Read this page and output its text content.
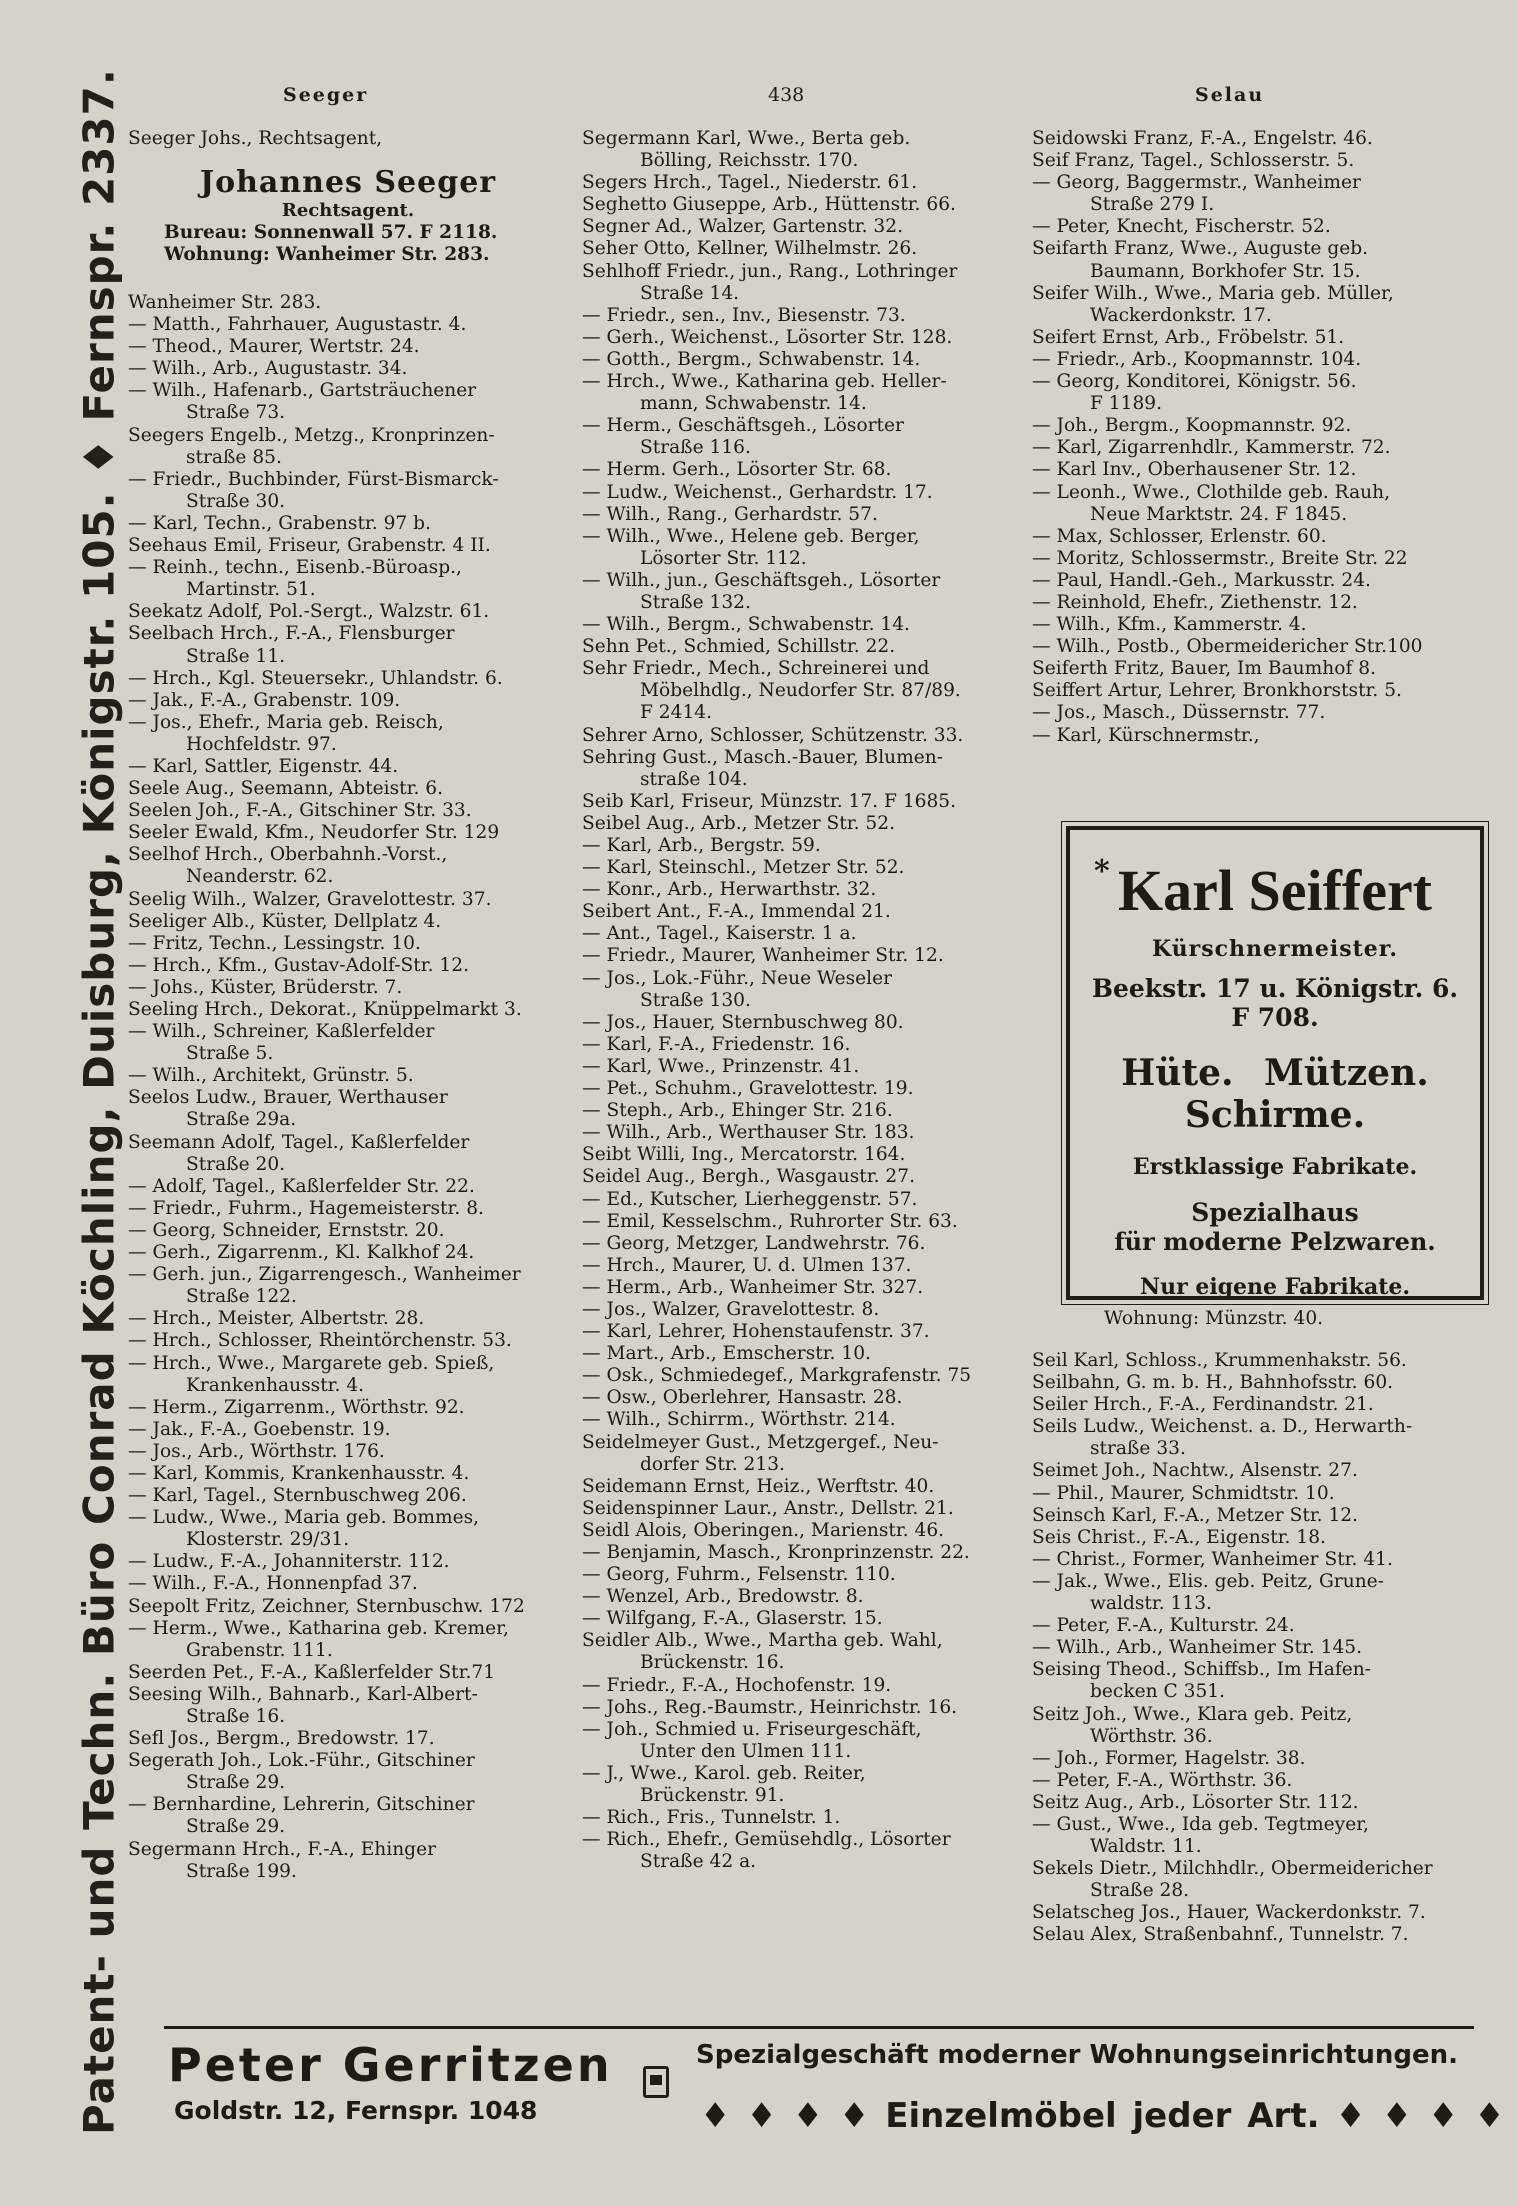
Patent- und Techn. Büro Conrad Köchling, Duisburg, Königstr. 105. ♦ Fernspr. 2337.	Seeger	438	Selau

Seeger Johs., Rechtsagent,

Johannes Seeger
Rechtsagent.
Bureau: Sonnenwall 57. F 2118.
Wohnung: Wanheimer Str. 283.

Wanheimer Str. 283.

— Matth., Fahrhauer, Augustastr. 4.

— Theod., Maurer, Wertstr. 24.

— Wilh., Arb., Augustastr. 34.

— Wilh., Hafenarb., Gartsträuchener

Straße 73.

Seegers Engelb., Metzg., Kronprinzen-

straße 85.

— Friedr., Buchbinder, Fürst-Bismarck-

Straße 30.

— Karl, Techn., Grabenstr. 97 b.

Seehaus Emil, Friseur, Grabenstr. 4 II.

— Reinh., techn., Eisenb.-Büroasp.,

Martinstr. 51.

Seekatz Adolf, Pol.-Sergt., Walzstr. 61.

Seelbach Hrch., F.-A., Flensburger

Straße 11.

— Hrch., Kgl. Steuersekr., Uhlandstr. 6.

— Jak., F.-A., Grabenstr. 109.

— Jos., Ehefr., Maria geb. Reisch,

Hochfeldstr. 97.

— Karl, Sattler, Eigenstr. 44.

Seele Aug., Seemann, Abteistr. 6.

Seelen Joh., F.-A., Gitschiner Str. 33.

Seeler Ewald, Kfm., Neudorfer Str. 129

Seelhof Hrch., Oberbahnh.-Vorst.,

Neanderstr. 62.

Seelig Wilh., Walzer, Gravelottestr. 37.

Seeliger Alb., Küster, Dellplatz 4.

— Fritz, Techn., Lessingstr. 10.

— Hrch., Kfm., Gustav-Adolf-Str. 12.

— Johs., Küster, Brüderstr. 7.

Seeling Hrch., Dekorat., Knüppelmarkt 3.

— Wilh., Schreiner, Kaßlerfelder

Straße 5.

— Wilh., Architekt, Grünstr. 5.

Seelos Ludw., Brauer, Werthauser

Straße 29a.

Seemann Adolf, Tagel., Kaßlerfelder

Straße 20.

— Adolf, Tagel., Kaßlerfelder Str. 22.

— Friedr., Fuhrm., Hagemeisterstr. 8.

— Georg, Schneider, Ernststr. 20.

— Gerh., Zigarrenm., Kl. Kalkhof 24.

— Gerh. jun., Zigarrengesch., Wanheimer

Straße 122.

— Hrch., Meister, Albertstr. 28.

— Hrch., Schlosser, Rheintörchenstr. 53.

— Hrch., Wwe., Margarete geb. Spieß,

Krankenhausstr. 4.

— Herm., Zigarrenm., Wörthstr. 92.

— Jak., F.-A., Goebenstr. 19.

— Jos., Arb., Wörthstr. 176.

— Karl, Kommis, Krankenhausstr. 4.

— Karl, Tagel., Sternbuschweg 206.

— Ludw., Wwe., Maria geb. Bommes,

Klosterstr. 29/31.

— Ludw., F.-A., Johanniterstr. 112.

— Wilh., F.-A., Honnenpfad 37.

Seepolt Fritz, Zeichner, Sternbuschw. 172

— Herm., Wwe., Katharina geb. Kremer,

Grabenstr. 111.

Seerden Pet., F.-A., Kaßlerfelder Str.71

Seesing Wilh., Bahnarb., Karl-Albert-

Straße 16.

Sefl Jos., Bergm., Bredowstr. 17.

Segerath Joh., Lok.-Führ., Gitschiner

Straße 29.

— Bernhardine, Lehrerin, Gitschiner

Straße 29.

Segermann Hrch., F.-A., Ehinger

Straße 199.

Segermann Karl, Wwe., Berta geb.

Bölling, Reichsstr. 170.

Segers Hrch., Tagel., Niederstr. 61.

Seghetto Giuseppe, Arb., Hüttenstr. 66.

Segner Ad., Walzer, Gartenstr. 32.

Seher Otto, Kellner, Wilhelmstr. 26.

Sehlhoff Friedr., jun., Rang., Lothringer

Straße 14.

— Friedr., sen., Inv., Biesenstr. 73.

— Gerh., Weichenst., Lösorter Str. 128.

— Gotth., Bergm., Schwabenstr. 14.

— Hrch., Wwe., Katharina geb. Heller-

mann, Schwabenstr. 14.

— Herm., Geschäftsgeh., Lösorter

Straße 116.

— Herm. Gerh., Lösorter Str. 68.

— Ludw., Weichenst., Gerhardstr. 17.

— Wilh., Rang., Gerhardstr. 57.

— Wilh., Wwe., Helene geb. Berger,

Lösorter Str. 112.

— Wilh., jun., Geschäftsgeh., Lösorter

Straße 132.

— Wilh., Bergm., Schwabenstr. 14.

Sehn Pet., Schmied, Schillstr. 22.

Sehr Friedr., Mech., Schreinerei und

Möbelhdlg., Neudorfer Str. 87/89.

F 2414.

Sehrer Arno, Schlosser, Schützenstr. 33.

Sehring Gust., Masch.-Bauer, Blumen-

straße 104.

Seib Karl, Friseur, Münzstr. 17. F 1685.

Seibel Aug., Arb., Metzer Str. 52.

— Karl, Arb., Bergstr. 59.

— Karl, Steinschl., Metzer Str. 52.

— Konr., Arb., Herwarthstr. 32.

Seibert Ant., F.-A., Immendal 21.

— Ant., Tagel., Kaiserstr. 1 a.

— Friedr., Maurer, Wanheimer Str. 12.

— Jos., Lok.-Führ., Neue Weseler

Straße 130.

— Jos., Hauer, Sternbuschweg 80.

— Karl, F.-A., Friedenstr. 16.

— Karl, Wwe., Prinzenstr. 41.

— Pet., Schuhm., Gravelottestr. 19.

— Steph., Arb., Ehinger Str. 216.

— Wilh., Arb., Werthauser Str. 183.

Seibt Willi, Ing., Mercatorstr. 164.

Seidel Aug., Bergh., Wasgaustr. 27.

— Ed., Kutscher, Lierheggenstr. 57.

— Emil, Kesselschm., Ruhrorter Str. 63.

— Georg, Metzger, Landwehrstr. 76.

— Hrch., Maurer, U. d. Ulmen 137.

— Herm., Arb., Wanheimer Str. 327.

— Jos., Walzer, Gravelottestr. 8.

— Karl, Lehrer, Hohenstaufenstr. 37.

— Mart., Arb., Emscherstr. 10.

— Osk., Schmiedegef., Markgrafenstr. 75

— Osw., Oberlehrer, Hansastr. 28.

— Wilh., Schirrm., Wörthstr. 214.

Seidelmeyer Gust., Metzgergef., Neu-

dorfer Str. 213.

Seidemann Ernst, Heiz., Werftstr. 40.

Seidenspinner Laur., Anstr., Dellstr. 21.

Seidl Alois, Oberingen., Marienstr. 46.

— Benjamin, Masch., Kronprinzenstr. 22.

— Georg, Fuhrm., Felsenstr. 110.

— Wenzel, Arb., Bredowstr. 8.

— Wilfgang, F.-A., Glaserstr. 15.

Seidler Alb., Wwe., Martha geb. Wahl,

Brückenstr. 16.

— Friedr., F.-A., Hochofenstr. 19.

— Johs., Reg.-Baumstr., Heinrichstr. 16.

— Joh., Schmied u. Friseurgeschäft,

Unter den Ulmen 111.

— J., Wwe., Karol. geb. Reiter,

Brückenstr. 91.

— Rich., Fris., Tunnelstr. 1.

— Rich., Ehefr., Gemüsehdlg., Lösorter

Straße 42 a.

Seidowski Franz, F.-A., Engelstr. 46.

Seif Franz, Tagel., Schlosserstr. 5.

— Georg, Baggermstr., Wanheimer

Straße 279 I.

— Peter, Knecht, Fischerstr. 52.

Seifarth Franz, Wwe., Auguste geb.

Baumann, Borkhofer Str. 15.

Seifer Wilh., Wwe., Maria geb. Müller,

Wackerdonkstr. 17.

Seifert Ernst, Arb., Fröbelstr. 51.

— Friedr., Arb., Koopmannstr. 104.

— Georg, Konditorei, Königstr. 56.

F 1189.

— Joh., Bergm., Koopmannstr. 92.

— Karl, Zigarrenhdlr., Kammerstr. 72.

— Karl Inv., Oberhausener Str. 12.

— Leonh., Wwe., Clothilde geb. Rauh,

Neue Marktstr. 24. F 1845.

— Max, Schlosser, Erlenstr. 60.

— Moritz, Schlossermstr., Breite Str. 22

— Paul, Handl.-Geh., Markusstr. 24.

— Reinhold, Ehefr., Ziethenstr. 12.

— Wilh., Kfm., Kammerstr. 4.

— Wilh., Postb., Obermeidericher Str.100

Seiferth Fritz, Bauer, Im Baumhof 8.

Seiffert Artur, Lehrer, Bronkhorststr. 5.

— Jos., Masch., Düssernstr. 77.

— Karl, Kürschnermstr.,

* Karl Seiffert
Kürschnermeister.
Beekstr. 17 u. Königstr. 6.
F 708.
Hüte. Mützen. Schirme.
Erstklassige Fabrikate.
Spezialhaus
für moderne Pelzwaren.
Nur eigene Fabrikate.

Wohnung: Münzstr. 40.

Seil Karl, Schloss., Krummenhakstr. 56.

Seilbahn, G. m. b. H., Bahnhofsstr. 60.

Seiler Hrch., F.-A., Ferdinandstr. 21.

Seils Ludw., Weichenst. a. D., Herwarth-

straße 33.

Seimet Joh., Nachtw., Alsenstr. 27.

— Phil., Maurer, Schmidtstr. 10.

Seinsch Karl, F.-A., Metzer Str. 12.

Seis Christ., F.-A., Eigenstr. 18.

— Christ., Former, Wanheimer Str. 41.

— Jak., Wwe., Elis. geb. Peitz, Grune-

waldstr. 113.

— Peter, F.-A., Kulturstr. 24.

— Wilh., Arb., Wanheimer Str. 145.

Seising Theod., Schiffsb., Im Hafen-

becken C 351.

Seitz Joh., Wwe., Klara geb. Peitz,

Wörthstr. 36.

— Joh., Former, Hagelstr. 38.

— Peter, F.-A., Wörthstr. 36.

Seitz Aug., Arb., Lösorter Str. 112.

— Gust., Wwe., Ida geb. Tegtmeyer,

Waldstr. 11.

Sekels Dietr., Milchhdlr., Obermeidericher

Straße 28.

Selatscheg Jos., Hauer, Wackerdonkstr. 7.

Selau Alex, Straßenbahnf., Tunnelstr. 7.

Peter Gerritzen
Goldstr. 12, Fernspr. 1048
Spezialgeschäft moderner Wohnungseinrichtungen.
♦ ♦ ♦ ♦ Einzelmöbel jeder Art. ♦ ♦ ♦ ♦
